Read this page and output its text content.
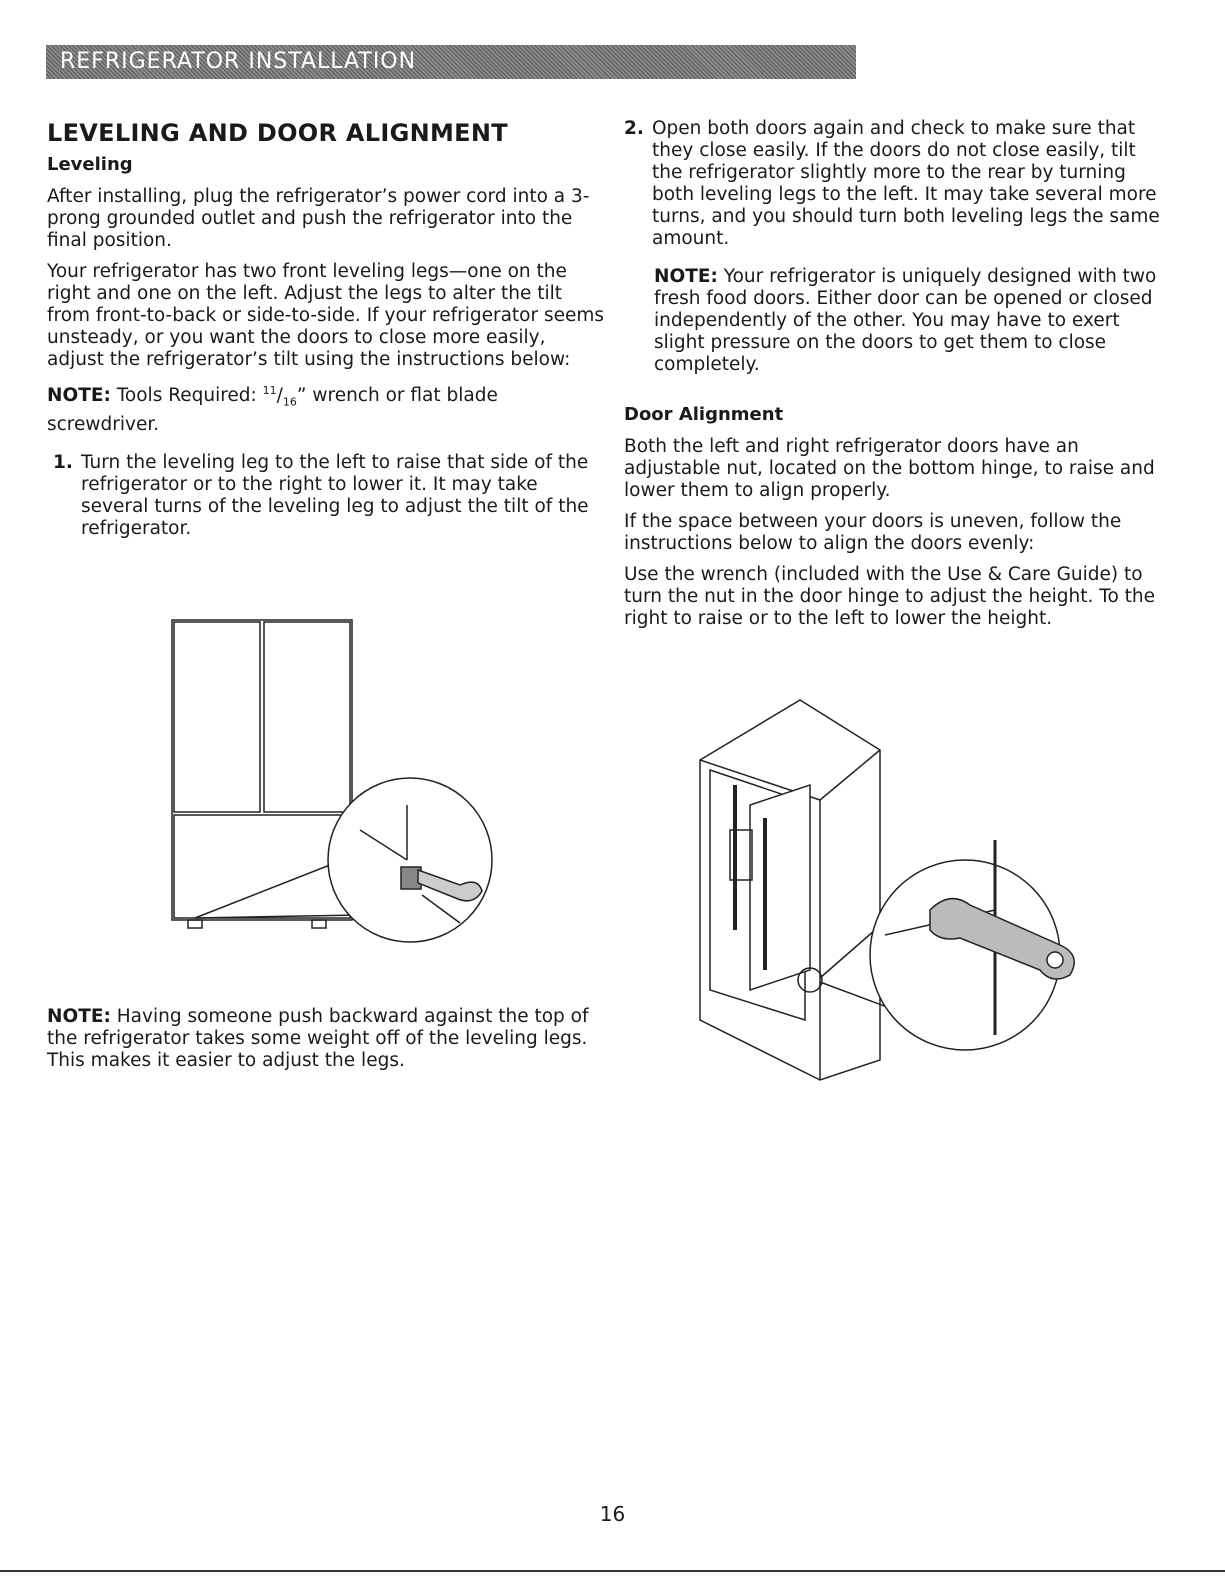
REFRIGERATOR INSTALLATION
LEVELING AND DOOR ALIGNMENT
Leveling

After installing, plug the refrigerator’s power cord into a 3-prong grounded outlet and push the refrigerator into the final position.

Your refrigerator has two front leveling legs—one on the right and one on the left. Adjust the legs to alter the tilt from front-to-back or side-to-side. If your refrigerator seems unsteady, or you want the doors to close more easily, adjust the refrigerator’s tilt using the instructions below:

NOTE: Tools Required: $^{11}/_{16}$” wrench or flat blade screwdriver.

1. Turn the leveling leg to the left to raise that side of the refrigerator or to the right to lower it. It may take several turns of the leveling leg to adjust the tilt of the refrigerator.

NOTE: Having someone push backward against the top of the refrigerator takes some weight off of the leveling legs. This makes it easier to adjust the legs.

2. Open both doors again and check to make sure that they close easily. If the doors do not close easily, tilt the refrigerator slightly more to the rear by turning both leveling legs to the left. It may take several more turns, and you should turn both leveling legs the same amount.

NOTE: Your refrigerator is uniquely designed with two fresh food doors. Either door can be opened or closed independently of the other. You may have to exert slight pressure on the doors to get them to close completely.

Door Alignment

Both the left and right refrigerator doors have an adjustable nut, located on the bottom hinge, to raise and lower them to align properly.

If the space between your doors is uneven, follow the instructions below to align the doors evenly:

Use the wrench (included with the Use & Care Guide) to turn the nut in the door hinge to adjust the height. To the right to raise or to the left to lower the height.

16
